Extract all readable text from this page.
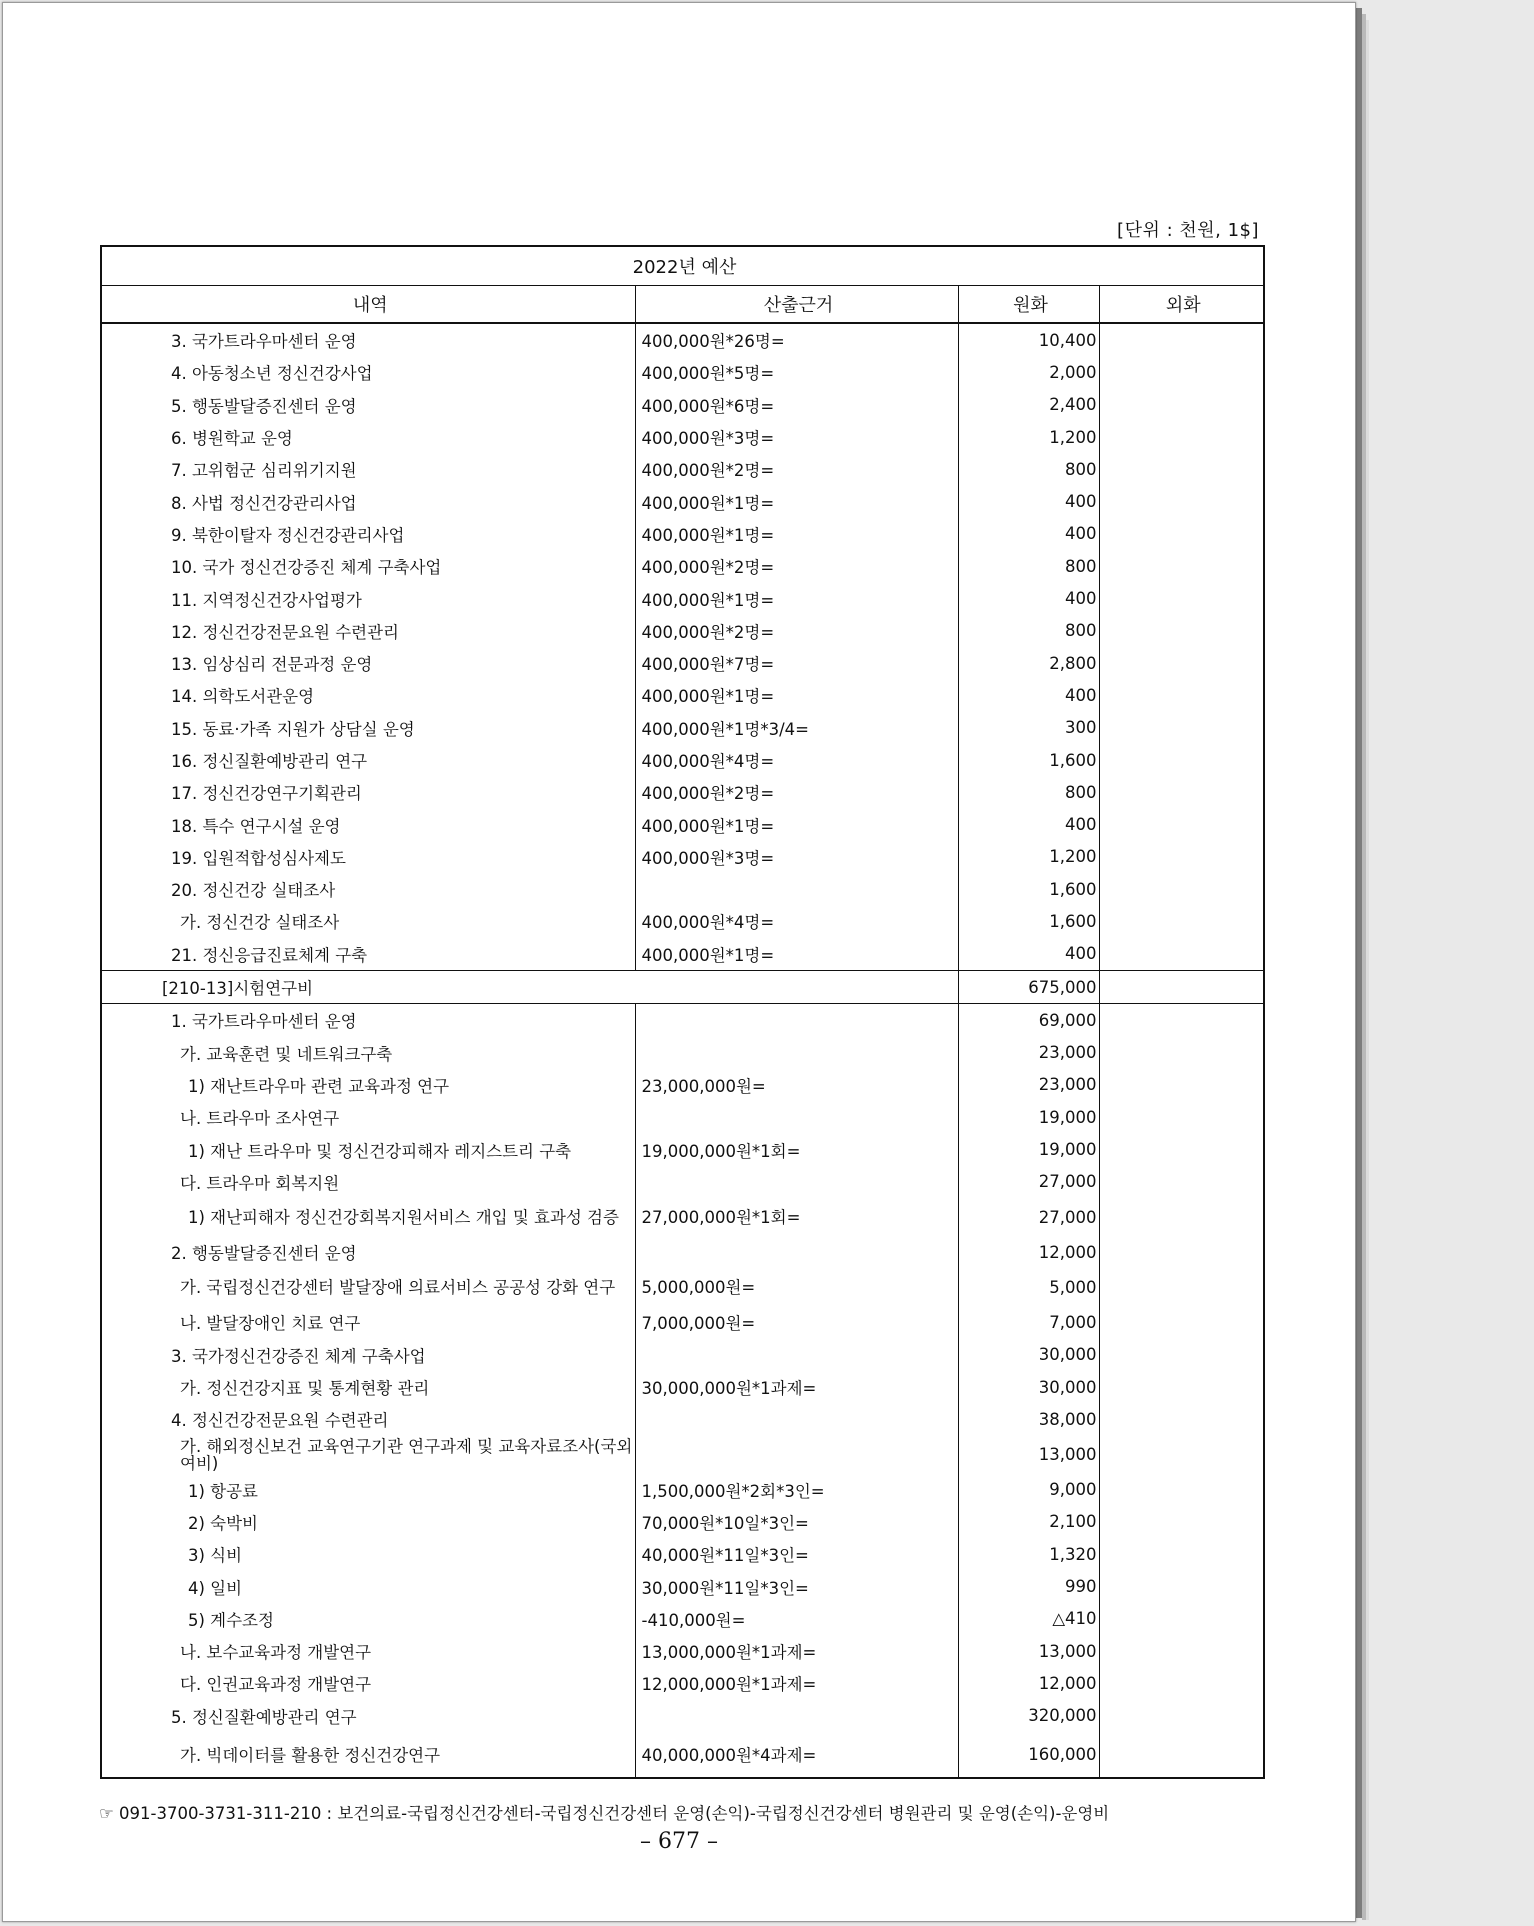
[단위 : 천원, 1$]
2022년 예산			
내역	산출근거	원화	외화
3. 국가트라우마센터 운영	400,000원*26명=	10,400	
4. 아동청소년 정신건강사업	400,000원*5명=	2,000	
5. 행동발달증진센터 운영	400,000원*6명=	2,400	
6. 병원학교 운영	400,000원*3명=	1,200	
7. 고위험군 심리위기지원	400,000원*2명=	800	
8. 사법 정신건강관리사업	400,000원*1명=	400	
9. 북한이탈자 정신건강관리사업	400,000원*1명=	400	
10. 국가 정신건강증진 체계 구축사업	400,000원*2명=	800	
11. 지역정신건강사업평가	400,000원*1명=	400	
12. 정신건강전문요원 수련관리	400,000원*2명=	800	
13. 임상심리 전문과정 운영	400,000원*7명=	2,800	
14. 의학도서관운영	400,000원*1명=	400	
15. 동료·가족 지원가 상담실 운영	400,000원*1명*3/4=	300	
16. 정신질환예방관리 연구	400,000원*4명=	1,600	
17. 정신건강연구기획관리	400,000원*2명=	800	
18. 특수 연구시설 운영	400,000원*1명=	400	
19. 입원적합성심사제도	400,000원*3명=	1,200	
20. 정신건강 실태조사		1,600	
가. 정신건강 실태조사	400,000원*4명=	1,600	
21. 정신응급진료체계 구축	400,000원*1명=	400	
[210-13]시험연구비		675,000	
1. 국가트라우마센터 운영		69,000	
가. 교육훈련 및 네트워크구축		23,000	
1) 재난트라우마 관련 교육과정 연구	23,000,000원=	23,000	
나. 트라우마 조사연구		19,000	
1) 재난 트라우마 및 정신건강피해자 레지스트리 구축	19,000,000원*1회=	19,000	
다. 트라우마 회복지원		27,000	

1) 재난피해자 정신건강회복지원서비스 개입 및 효과성 검증	27,000,000원*1회=	27,000	
2. 행동발달증진센터 운영		12,000	

가. 국립정신건강센터 발달장애 의료서비스 공공성 강화 연구	5,000,000원=	5,000	
나. 발달장애인 치료 연구	7,000,000원=	7,000	
3. 국가정신건강증진 체계 구축사업		30,000	
가. 정신건강지표 및 통계현황 관리	30,000,000원*1과제=	30,000	
4. 정신건강전문요원 수련관리		38,000	

가. 해외정신보건 교육연구기관 연구과제 및 교육자료조사(국외여비)		13,000	
1) 항공료	1,500,000원*2회*3인=	9,000	
2) 숙박비	70,000원*10일*3인=	2,100	
3) 식비	40,000원*11일*3인=	1,320	
4) 일비	30,000원*11일*3인=	990	
5) 계수조정	-410,000원=	△410	
나. 보수교육과정 개발연구	13,000,000원*1과제=	13,000	
다. 인권교육과정 개발연구	12,000,000원*1과제=	12,000	
5. 정신질환예방관리 연구		320,000	
가. 빅데이터를 활용한 정신건강연구	40,000,000원*4과제=	160,000	
☞ 091-3700-3731-311-210 : 보건의료-국립정신건강센터-국립정신건강센터 운영(손익)-국립정신건강센터 병원관리 및 운영(손익)-운영비
– 677 –
